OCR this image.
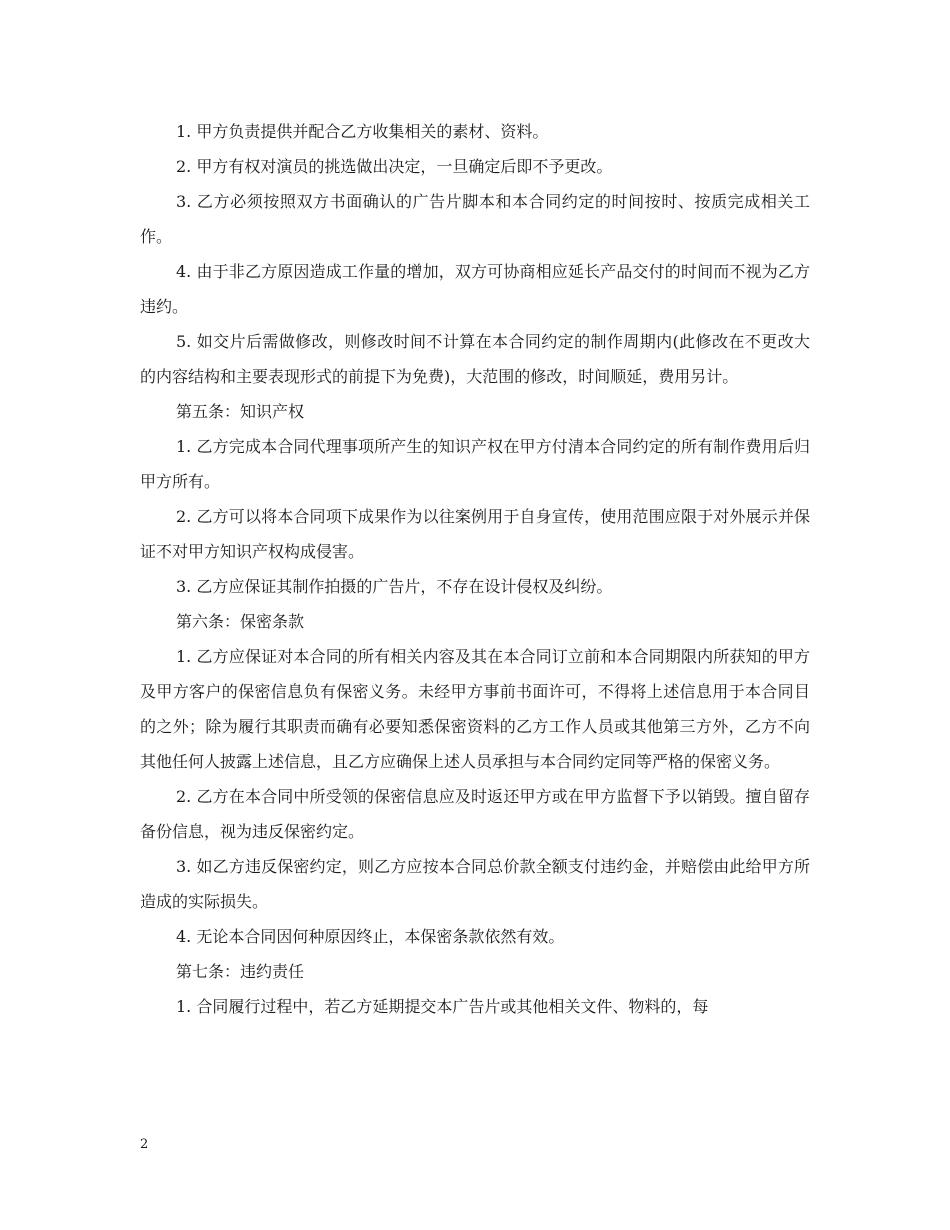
1. 甲方负责提供并配合乙方收集相关的素材、资料。

2. 甲方有权对演员的挑选做出决定，一旦确定后即不予更改。

3. 乙方必须按照双方书面确认的广告片脚本和本合同约定的时间按时、按质完成相关工作。

4. 由于非乙方原因造成工作量的增加，双方可协商相应延长产品交付的时间而不视为乙方违约。

5. 如交片后需做修改，则修改时间不计算在本合同约定的制作周期内(此修改在不更改大的内容结构和主要表现形式的前提下为免费)，大范围的修改，时间顺延，费用另计。

第五条：知识产权

1. 乙方完成本合同代理事项所产生的知识产权在甲方付清本合同约定的所有制作费用后归甲方所有。

2. 乙方可以将本合同项下成果作为以往案例用于自身宣传，使用范围应限于对外展示并保证不对甲方知识产权构成侵害。

3. 乙方应保证其制作拍摄的广告片，不存在设计侵权及纠纷。

第六条：保密条款

1. 乙方应保证对本合同的所有相关内容及其在本合同订立前和本合同期限内所获知的甲方及甲方客户的保密信息负有保密义务。未经甲方事前书面许可，不得将上述信息用于本合同目的之外；除为履行其职责而确有必要知悉保密资料的乙方工作人员或其他第三方外，乙方不向其他任何人披露上述信息，且乙方应确保上述人员承担与本合同约定同等严格的保密义务。

2. 乙方在本合同中所受领的保密信息应及时返还甲方或在甲方监督下予以销毁。擅自留存备份信息，视为违反保密约定。

3. 如乙方违反保密约定，则乙方应按本合同总价款全额支付违约金，并赔偿由此给甲方所造成的实际损失。

4. 无论本合同因何种原因终止，本保密条款依然有效。

第七条：违约责任

1. 合同履行过程中，若乙方延期提交本广告片或其他相关文件、物料的，每

2
